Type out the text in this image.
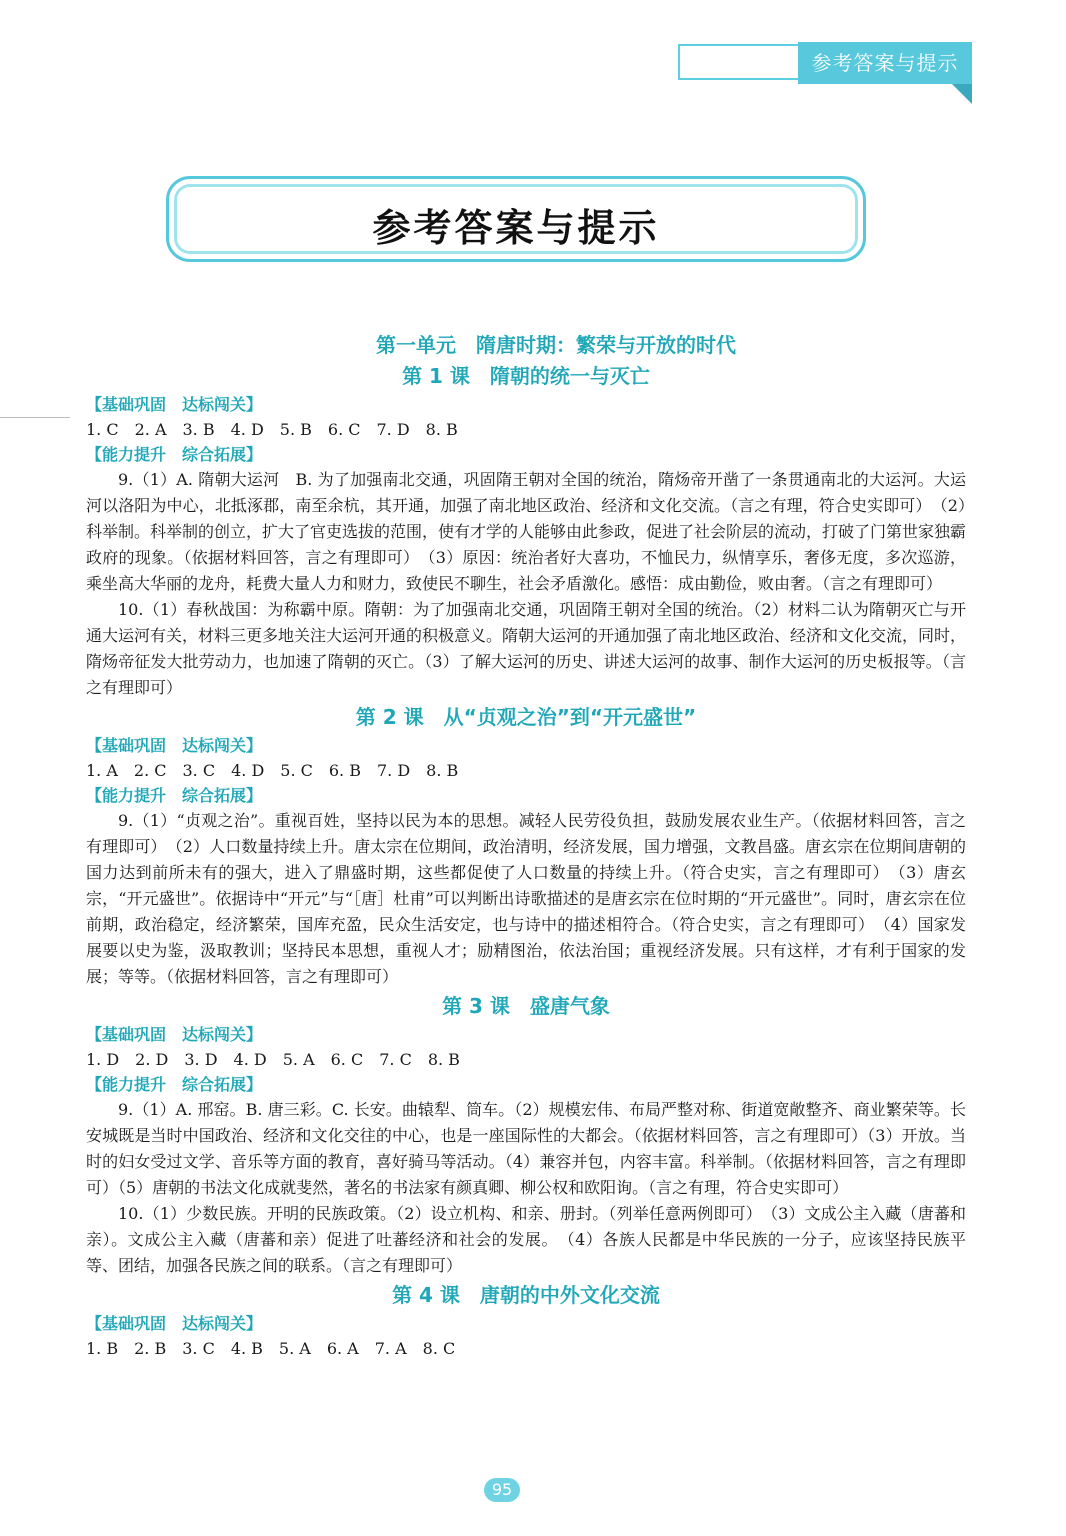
参考答案与提示
参考答案与提示
第一单元　隋唐时期：繁荣与开放的时代
第 1 课　隋朝的统一与灭亡
【基础巩固　达标闯关】
1. C　2. A　3. B　4. D　5. B　6. C　7. D　8. B
【能力提升　综合拓展】

9.（1）A. 隋朝大运河　B. 为了加强南北交通，巩固隋王朝对全国的统治，隋炀帝开凿了一条贯通南北的大运河。大运河以洛阳为中心，北抵涿郡，南至余杭，其开通，加强了南北地区政治、经济和文化交流。（言之有理，符合史实即可）　（2）科举制。科举制的创立，扩大了官吏选拔的范围，使有才学的人能够由此参政，促进了社会阶层的流动，打破了门第世家独霸政府的现象。（依据材料回答，言之有理即可）　（3）原因：统治者好大喜功，不恤民力，纵情享乐，奢侈无度，多次巡游，乘坐高大华丽的龙舟，耗费大量人力和财力，致使民不聊生，社会矛盾激化。感悟：成由勤俭，败由奢。（言之有理即可）

10.（1）春秋战国：为称霸中原。隋朝：为了加强南北交通，巩固隋王朝对全国的统治。（2）材料二认为隋朝灭亡与开通大运河有关，材料三更多地关注大运河开通的积极意义。隋朝大运河的开通加强了南北地区政治、经济和文化交流，同时，隋炀帝征发大批劳动力，也加速了隋朝的灭亡。（3）了解大运河的历史、讲述大运河的故事、制作大运河的历史板报等。（言之有理即可）

第 2 课　从“贞观之治”到“开元盛世”
【基础巩固　达标闯关】
1. A　2. C　3. C　4. D　5. C　6. B　7. D　8. B
【能力提升　综合拓展】

9.（1）“贞观之治”。重视百姓，坚持以民为本的思想。减轻人民劳役负担，鼓励发展农业生产。（依据材料回答，言之有理即可）　（2）人口数量持续上升。唐太宗在位期间，政治清明，经济发展，国力增强，文教昌盛。唐玄宗在位期间唐朝的国力达到前所未有的强大，进入了鼎盛时期，这些都促使了人口数量的持续上升。（符合史实，言之有理即可）　（3）唐玄宗，“开元盛世”。依据诗中“开元”与“［唐］杜甫”可以判断出诗歌描述的是唐玄宗在位时期的“开元盛世”。同时，唐玄宗在位前期，政治稳定，经济繁荣，国库充盈，民众生活安定，也与诗中的描述相符合。（符合史实，言之有理即可）　（4）国家发展要以史为鉴，汲取教训；坚持民本思想，重视人才；励精图治，依法治国；重视经济发展。只有这样，才有利于国家的发展；等等。（依据材料回答，言之有理即可）

第 3 课　盛唐气象
【基础巩固　达标闯关】
1. D　2. D　3. D　4. D　5. A　6. C　7. C　8. B
【能力提升　综合拓展】

9.（1）A. 邢窑。B. 唐三彩。C. 长安。曲辕犁、筒车。（2）规模宏伟、布局严整对称、街道宽敞整齐、商业繁荣等。长安城既是当时中国政治、经济和文化交往的中心，也是一座国际性的大都会。（依据材料回答，言之有理即可）（3）开放。当时的妇女受过文学、音乐等方面的教育，喜好骑马等活动。（4）兼容并包，内容丰富。科举制。（依据材料回答，言之有理即可）（5）唐朝的书法文化成就斐然，著名的书法家有颜真卿、柳公权和欧阳询。（言之有理，符合史实即可）

10.（1）少数民族。开明的民族政策。（2）设立机构、和亲、册封。（列举任意两例即可）　（3）文成公主入藏（唐蕃和亲）。文成公主入藏（唐蕃和亲）促进了吐蕃经济和社会的发展。　（4）各族人民都是中华民族的一分子，应该坚持民族平等、团结，加强各民族之间的联系。（言之有理即可）

第 4 课　唐朝的中外文化交流
【基础巩固　达标闯关】
1. B　2. B　3. C　4. B　5. A　6. A　7. A　8. C
95
